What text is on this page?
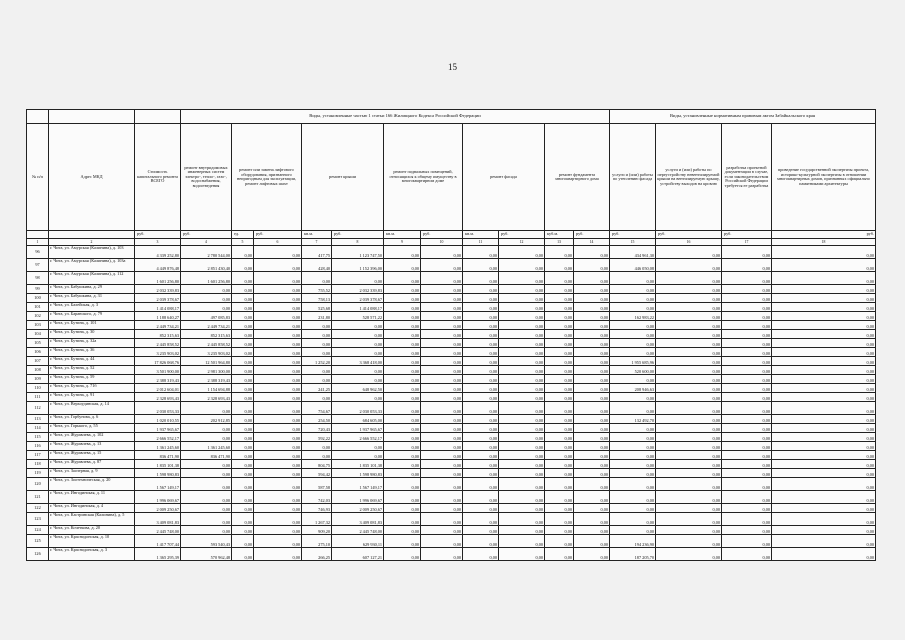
15
			Виды, установленные частью 1 статьи 166 Жилищного Кодекса Российской Федерации											Виды, установленные нормативным правовым актом Забайкальского края				
№ п/п	Адрес МКД	Стоимость капитального ремонта ВСЕГО	ремонт внутридомовых инженерных систем электро-, тепло-, газо-, водоснабжения, водоотведения	ремонт или замена лифтового оборудования, признанного непригодным для эксплуатации, ремонт лифтовых шахт		ремонт крыши		ремонт подвальных помещений, относящихся к общему имуществу в многоквартирном доме		ремонт фасада		ремонт фундамента многоквартирного дома		услуги и (или) работы по утеплению фасада	услуги и (или) работы по переустройству невентилируемой крыши на вентилируемую крышу, устройству выходов на кровлю	разработка проектной документации в случае, если законодательством Российской Федерации требуется ее разработка	проведение государственной экспертизы проекта, историко-культурной экспертизы в отношении многоквартирных домов, признанных официально памятниками архитектуры	
		руб.	руб.	ед.	руб.	кв.м.	руб.	кв.м.	руб.	кв.м.	руб.	куб.м.	руб.	руб.	руб.	руб.	руб.	
1	2	3	4	5	6	7	8	9	10	11	12	13	14	15	16	17	18	
96	г. Чита, ул. Амурская (Калинина), д. 103	4 339 252,80	2 780 544,00	0,00	0,00	417,75	1 123 747,50	0,00	0,00	0,00	0,00	0,00	0,00	434 961,30	0,00	0,00	0,00	
97	г. Чита, ул. Амурская (Калинина), д. 103а	4 449 876,48	2 851 430,40	0,00	0,00	428,40	1 152 396,00	0,00	0,00	0,00	0,00	0,00	0,00	446 050,08	0,00	0,00	0,00	
98	г. Чита, ул. Амурская (Калинина), д. 112	1 601 256,80	1 601 256,80	0,00	0,00	0,00	0,00	0,00	0,00	0,00	0,00	0,00	0,00	0,00	0,00	0,00	0,00	
99	г. Чита, ул. Бабушкина, д. 29	2 032 339,83	0,00	0,00	0,00	755,52	2 032 339,83	0,00	0,00	0,00	0,00	0,00	0,00	0,00	0,00	0,00	0,00	
100	г. Чита, ул. Бабушкина, д. 31	2 039 378,67	0,00	0,00	0,00	758,13	2 039 378,67	0,00	0,00	0,00	0,00	0,00	0,00	0,00	0,00	0,00	0,00	
101	г. Чита, ул. Балейская, д. 3	1 414 088,17	0,00	0,00	0,00	525,68	1 414 088,17	0,00	0,00	0,00	0,00	0,00	0,00	0,00	0,00	0,00	0,00	
102	г. Чита, ул. Баранского, д. 79	1 188 640,27	497 085,83	0,00	0,00	231,80	528 571,22	0,00	0,00	0,00	0,00	0,00	0,00	162 983,22	0,00	0,00	0,00	
103	г. Чита, ул. Бутина, д. 101	2 449 734,21	2 449 734,21	0,00	0,00	0,00	0,00	0,00	0,00	0,00	0,00	0,00	0,00	0,00	0,00	0,00	0,00	
104	г. Чита, ул. Бутина, д. 30	852 315,63	852 315,63	0,00	0,00	0,00	0,00	0,00	0,00	0,00	0,00	0,00	0,00	0,00	0,00	0,00	0,00	
105	г. Чита, ул. Бутина, д. 32а	2 445 858,52	2 445 858,52	0,00	0,00	0,00	0,00	0,00	0,00	0,00	0,00	0,00	0,00	0,00	0,00	0,00	0,00	
106	г. Чита, ул. Бутина, д. 36	3 235 903,02	3 235 903,02	0,00	0,00	0,00	0,00	0,00	0,00	0,00	0,00	0,00	0,00	0,00	0,00	0,00	0,00	
107	г. Чита, ул. Бутина, д. 44	17 826 068,76	12 501 964,80	0,00	0,00	1 252,20	3 368 418,00	0,00	0,00	0,00	0,00	0,00	0,00	1 955 685,96	0,00	0,00	0,00	
108	г. Чита, ул. Бутина, д. 52	3 501 900,00	2 981 300,00	0,00	0,00	0,00	0,00	0,00	0,00	0,00	0,00	0,00	0,00	520 600,00	0,00	0,00	0,00	
109	г. Чита, ул. Бутина, д. 59	2 388 319,43	2 388 319,43	0,00	0,00	0,00	0,00	0,00	0,00	0,00	0,00	0,00	0,00	0,00	0,00	0,00	0,00	
110	г. Чита, ул. Бутина, д. 71б	2 012 604,01	1 154 694,88	0,00	0,00	241,25	648 962,50	0,00	0,00	0,00	0,00	0,00	0,00	208 946,63	0,00	0,00	0,00	
111	г. Чита, ул. Бутина, д. 91	2 328 693,43	2 328 693,43	0,00	0,00	0,00	0,00	0,00	0,00	0,00	0,00	0,00	0,00	0,00	0,00	0,00	0,00	
112	г. Чита, ул. Верхоудинская, д. 14	2 030 053,33	0,00	0,00	0,00	754,67	2 030 053,33	0,00	0,00	0,00	0,00	0,00	0,00	0,00	0,00	0,00	0,00	
113	г. Чита, ул. Горбунова, д. 6	1 020 010,55	202 912,85	0,00	0,00	254,50	684 605,00	0,00	0,00	0,00	0,00	0,00	0,00	132 492,70	0,00	0,00	0,00	
114	г. Чита, ул. Горького, д. 55	1 937 965,67	0,00	0,00	0,00	720,43	1 937 965,67	0,00	0,00	0,00	0,00	0,00	0,00	0,00	0,00	0,00	0,00	
115	г. Чита, ул. Журавлева, д. 102	2 666 552,17	0,00	0,00	0,00	592,22	2 666 552,17	0,00	0,00	0,00	0,00	0,00	0,00	0,00	0,00	0,00	0,00	
116	г. Чита, ул. Журавлева, д. 13	1 361 245,60	1 361 245,60	0,00	0,00	0,00	0,00	0,00	0,00	0,00	0,00	0,00	0,00	0,00	0,00	0,00	0,00	
117	г. Чита, ул. Журавлева, д. 15	836 471,90	836 471,90	0,00	0,00	0,00	0,00	0,00	0,00	0,00	0,00	0,00	0,00	0,00	0,00	0,00	0,00	
118	г. Чита, ул. Журавлева, д. 87	1 835 101,38	0,00	0,00	0,00	804,75	1 835 101,38	0,00	0,00	0,00	0,00	0,00	0,00	0,00	0,00	0,00	0,00	
119	г. Чита, ул. Заозерная, д. 9	1 598 980,83	0,00	0,00	0,00	594,42	1 598 980,83	0,00	0,00	0,00	0,00	0,00	0,00	0,00	0,00	0,00	0,00	
120	г. Чита, ул. Зоотехническая, д. 20	1 567 149,17	0,00	0,00	0,00	587,58	1 567 149,17	0,00	0,00	0,00	0,00	0,00	0,00	0,00	0,00	0,00	0,00	
121	г. Чита, ул. Ингодинская, д. 11	1 996 069,67	0,00	0,00	0,00	742,03	1 996 069,67	0,00	0,00	0,00	0,00	0,00	0,00	0,00	0,00	0,00	0,00	
122	г. Чита, ул. Ингодинская, д. 4	2 009 250,67	0,00	0,00	0,00	746,93	2 009 250,67	0,00	0,00	0,00	0,00	0,00	0,00	0,00	0,00	0,00	0,00	
123	г. Чита, ул. Кастринская (Калинина), д. 5	3 409 081,83	0,00	0,00	0,00	1 267,32	3 409 081,83	0,00	0,00	0,00	0,00	0,00	0,00	0,00	0,00	0,00	0,00	
124	г. Чита, ул. Кочеткова, д. 20	2 445 748,00	0,00	0,00	0,00	909,20	2 445 748,00	0,00	0,00	0,00	0,00	0,00	0,00	0,00	0,00	0,00	0,00	
125	г. Чита, ул. Краснодонская, д. 10	1 417 707,44	593 540,43	0,00	0,00	275,10	629 930,11	0,00	0,00	0,00	0,00	0,00	0,00	194 236,90	0,00	0,00	0,00	
126	г. Чита, ул. Краснодонская, д. 3	1 365 295,39	570 962,48	0,00	0,00	266,25	607 127,21	0,00	0,00	0,00	0,00	0,00	0,00	187 205,70	0,00	0,00	0,00	
